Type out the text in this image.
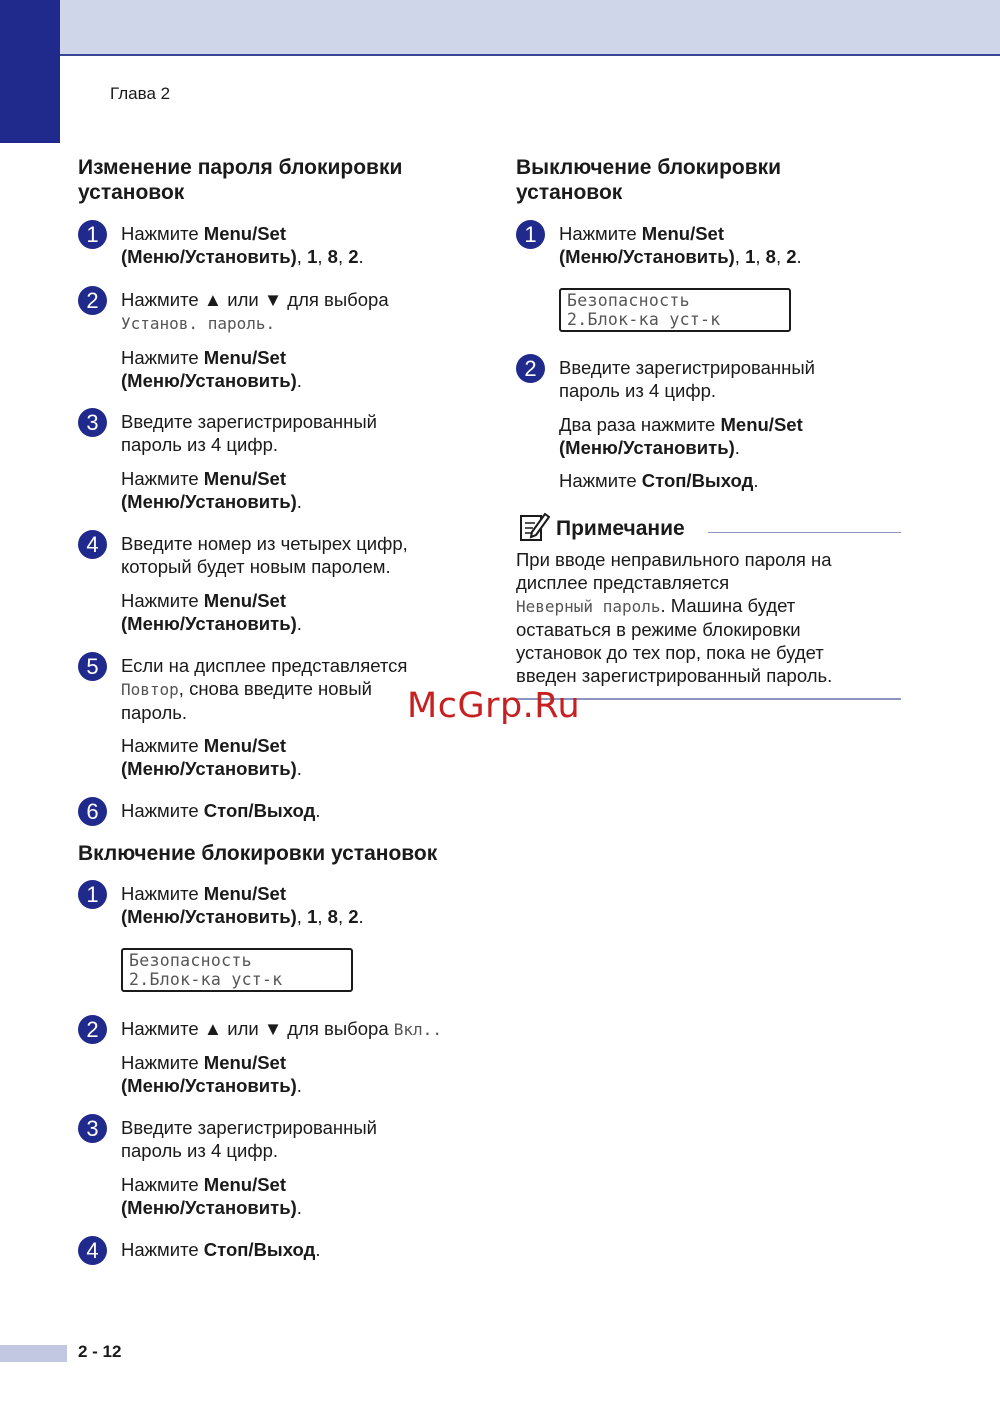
Глава 2
Изменение пароля блокировки
установок
1	Нажмите Menu/Set
(Меню/Установить), 1, 8, 2.

2	Нажмите ▲ или ▼ для выбора
Установ. пароль.

Нажмите Menu/Set
(Меню/Установить).

3	Введите зарегистрированный
пароль из 4 цифр.

Нажмите Menu/Set
(Меню/Установить).

4	Введите номер из четырех цифр,
который будет новым паролем.

Нажмите Menu/Set
(Меню/Установить).

5	Если на дисплее представляется
Повтор, снова введите новый
пароль.

Нажмите Menu/Set
(Меню/Установить).

6	Нажмите Стоп/Выход.

Включение блокировки установок
1	Нажмите Menu/Set
(Меню/Установить), 1, 8, 2.

Безопасность
2.Блок-ка уст-к
2	Нажмите ▲ или ▼ для выбора Вкл..

Нажмите Menu/Set
(Меню/Установить).

3	Введите зарегистрированный
пароль из 4 цифр.

Нажмите Menu/Set
(Меню/Установить).

4	Нажмите Стоп/Выход.

Выключение блокировки
установок
1	Нажмите Menu/Set
(Меню/Установить), 1, 8, 2.

Безопасность
2.Блок-ка уст-к
2	Введите зарегистрированный
пароль из 4 цифр.

Два раза нажмите Menu/Set
(Меню/Установить).

Нажмите Стоп/Выход.

Примечание
При вводе неправильного пароля на
дисплее представляется
Неверный пароль. Машина будет
оставаться в режиме блокировки
установок до тех пор, пока не будет
введен зарегистрированный пароль.
McGrp.Ru
2 - 12
